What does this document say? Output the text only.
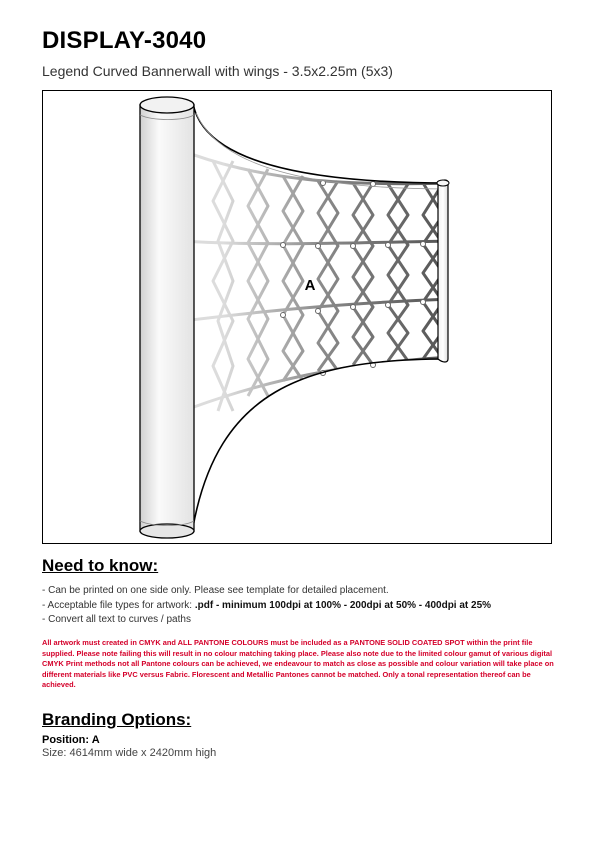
DISPLAY-3040
Legend Curved Bannerwall with wings - 3.5x2.25m (5x3)
A
Need to know:
- Can be printed on one side only. Please see template for detailed placement.
- Acceptable file types for artwork: .pdf - minimum 100dpi at 100% - 200dpi at 50% - 400dpi at 25%
- Convert all text to curves / paths

All artwork must created in CMYK and ALL PANTONE COLOURS must be included as a PANTONE SOLID COATED SPOT within the print file supplied. Please note failing this will result in no colour matching taking place. Please also note due to the limited colour gamut of various digital CMYK Print methods not all Pantone colours can be achieved, we endeavour to match as close as possible and colour variation will take place on different materials like PVC versus Fabric. Florescent and Metallic Pantones cannot be matched. Only a tonal representation thereof can be achieved.

Branding Options:
Position: A
Size: 4614mm wide x 2420mm high
